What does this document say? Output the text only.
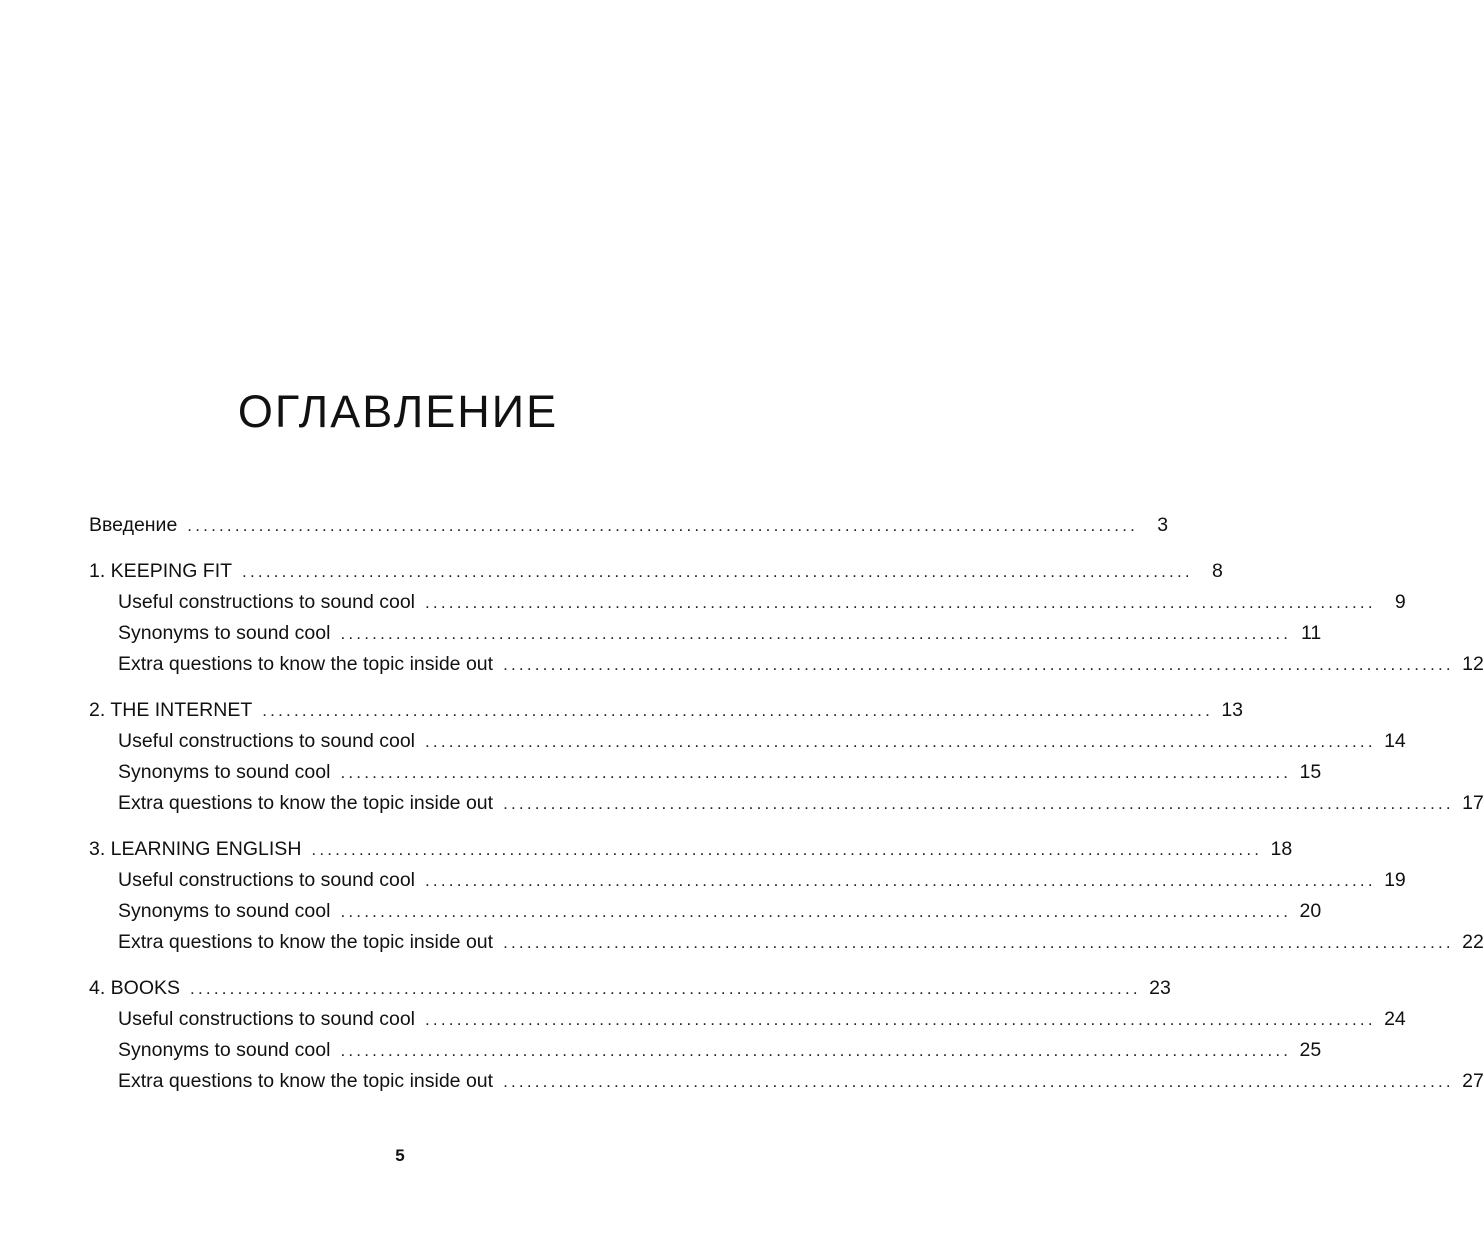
ОГЛАВЛЕНИЕ
Введение ........................................................................................................................ 3
1. KEEPING FIT ........................................................................................................................ 8
Useful constructions to sound cool ........................................................................................................................ 9
Synonyms to sound cool ........................................................................................................................ 11
Extra questions to know the topic inside out ........................................................................................................................ 12
2. THE INTERNET ........................................................................................................................ 13
Useful constructions to sound cool ........................................................................................................................ 14
Synonyms to sound cool ........................................................................................................................ 15
Extra questions to know the topic inside out ........................................................................................................................ 17
3. LEARNING ENGLISH ........................................................................................................................ 18
Useful constructions to sound cool ........................................................................................................................ 19
Synonyms to sound cool ........................................................................................................................ 20
Extra questions to know the topic inside out ........................................................................................................................ 22
4. BOOKS ........................................................................................................................ 23
Useful constructions to sound cool ........................................................................................................................ 24
Synonyms to sound cool ........................................................................................................................ 25
Extra questions to know the topic inside out ........................................................................................................................ 27
5
